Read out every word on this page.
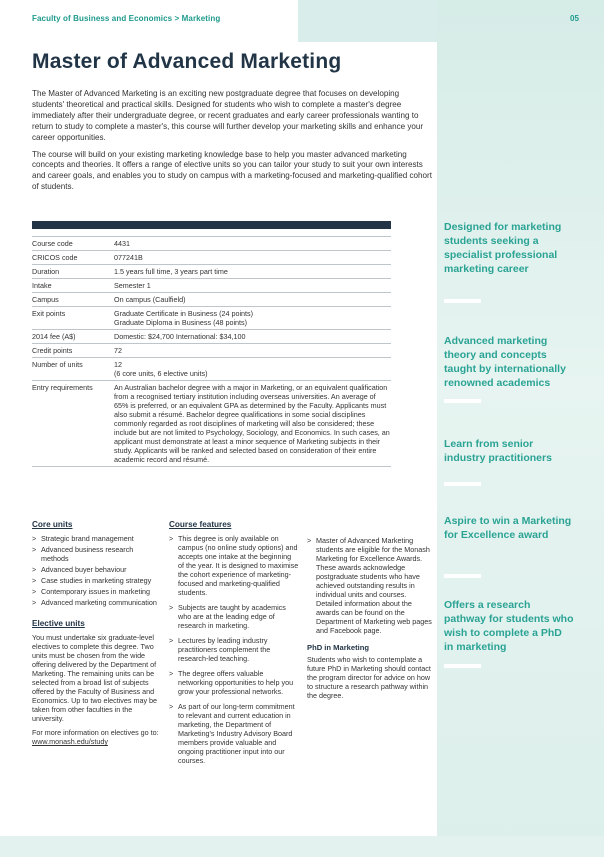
Faculty of Business and Economics > Marketing	05
Master of Advanced Marketing

The Master of Advanced Marketing is an exciting new postgraduate degree that focuses on developing students' theoretical and practical skills. Designed for students who wish to complete a master's degree immediately after their undergraduate degree, or recent graduates and early career professionals wanting to return to study to complete a master's, this course will further develop your marketing skills and enhance your career opportunities.

The course will build on your existing marketing knowledge base to help you master advanced marketing concepts and theories. It offers a range of elective units so you can tailor your study to suit your own interests and career goals, and enables you to study on campus with a marketing-focused and marketing-qualified cohort of students.

Course code	4431

CRICOS code	077241B

Duration	1.5 years full time, 3 years part time

Intake	Semester 1

Campus	On campus (Caulfield)

Exit points	Graduate Certificate in Business (24 points)
Graduate Diploma in Business (48 points)

2014 fee (A$)	Domestic: $24,700 International: $34,100

Credit points	72

Number of units	12
(6 core units, 6 elective units)

Entry requirements	An Australian bachelor degree with a major in Marketing, or an equivalent qualification from a recognised tertiary institution including overseas universities. An average of 65% is preferred, or an equivalent GPA as determined by the Faculty. Applicants must also submit a résumé. Bachelor degree qualifications in some social disciplines commonly regarded as root disciplines of marketing will also be considered; these include but are not limited to Psychology, Sociology, and Economics. In such cases, an applicant must demonstrate at least a minor sequence of Marketing subjects in their study. Applicants will be ranked and selected based on consideration of their entire academic record and résumé.
Core units
> Strategic brand management
> Advanced business research methods
> Advanced buyer behaviour
> Case studies in marketing strategy
> Contemporary issues in marketing
> Advanced marketing communication
Elective units

You must undertake six graduate-level electives to complete this degree. Two units must be chosen from the wide offering delivered by the Department of Marketing. The remaining units can be selected from a broad list of subjects offered by the Faculty of Business and Economics. Up to two electives may be taken from other faculties in the university.

For more information on electives go to: www.monash.edu/study

Course features
> This degree is only available on campus (no online study options) and accepts one intake at the beginning of the year. It is designed to maximise the cohort experience of marketing-focused and marketing-qualified students.
> Subjects are taught by academics who are at the leading edge of research in marketing.
> Lectures by leading industry practitioners complement the research-led teaching.
> The degree offers valuable networking opportunities to help you grow your professional networks.
> As part of our long-term commitment to relevant and current education in marketing, the Department of Marketing's Industry Advisory Board members provide valuable and ongoing practitioner input into our courses.
> Master of Advanced Marketing students are eligible for the Monash Marketing for Excellence Awards. These awards acknowledge postgraduate students who have achieved outstanding results in individual units and courses. Detailed information about the awards can be found on the Department of Marketing web pages and Facebook page.
PhD in Marketing

Students who wish to contemplate a future PhD in Marketing should contact the program director for advice on how to structure a research pathway within the degree.

Designed for marketing students seeking a specialist professional marketing career
Advanced marketing theory and concepts taught by internationally renowned academics
Learn from senior industry practitioners
Aspire to win a Marketing for Excellence award
Offers a research pathway for students who wish to complete a PhD in marketing
